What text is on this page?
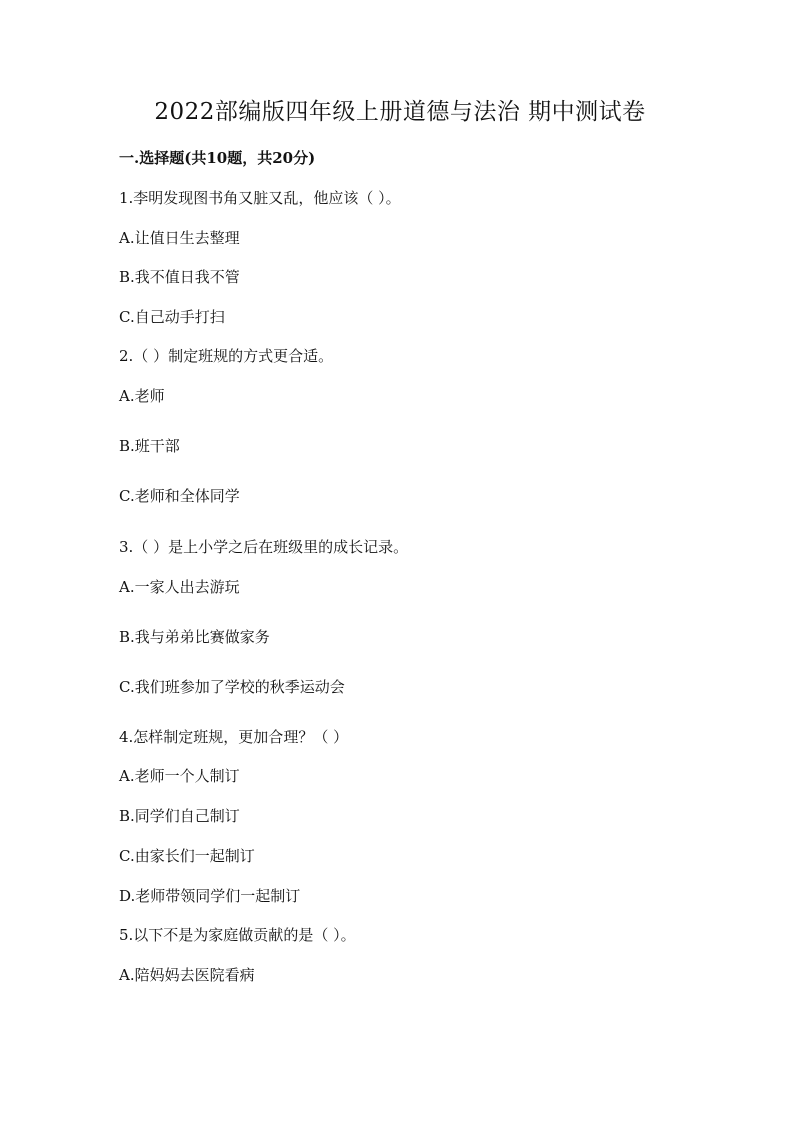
2022部编版四年级上册道德与法治 期中测试卷

一.选择题(共10题，共20分)

1.李明发现图书角又脏又乱，他应该（ ）。

A.让值日生去整理

B.我不值日我不管

C.自己动手打扫

2.（ ）制定班规的方式更合适。

A.老师

B.班干部

C.老师和全体同学

3.（ ）是上小学之后在班级里的成长记录。

A.一家人出去游玩

B.我与弟弟比赛做家务

C.我们班参加了学校的秋季运动会

4.怎样制定班规，更加合理？（ ）

A.老师一个人制订

B.同学们自己制订

C.由家长们一起制订

D.老师带领同学们一起制订

5.以下不是为家庭做贡献的是（ ）。

A.陪妈妈去医院看病
